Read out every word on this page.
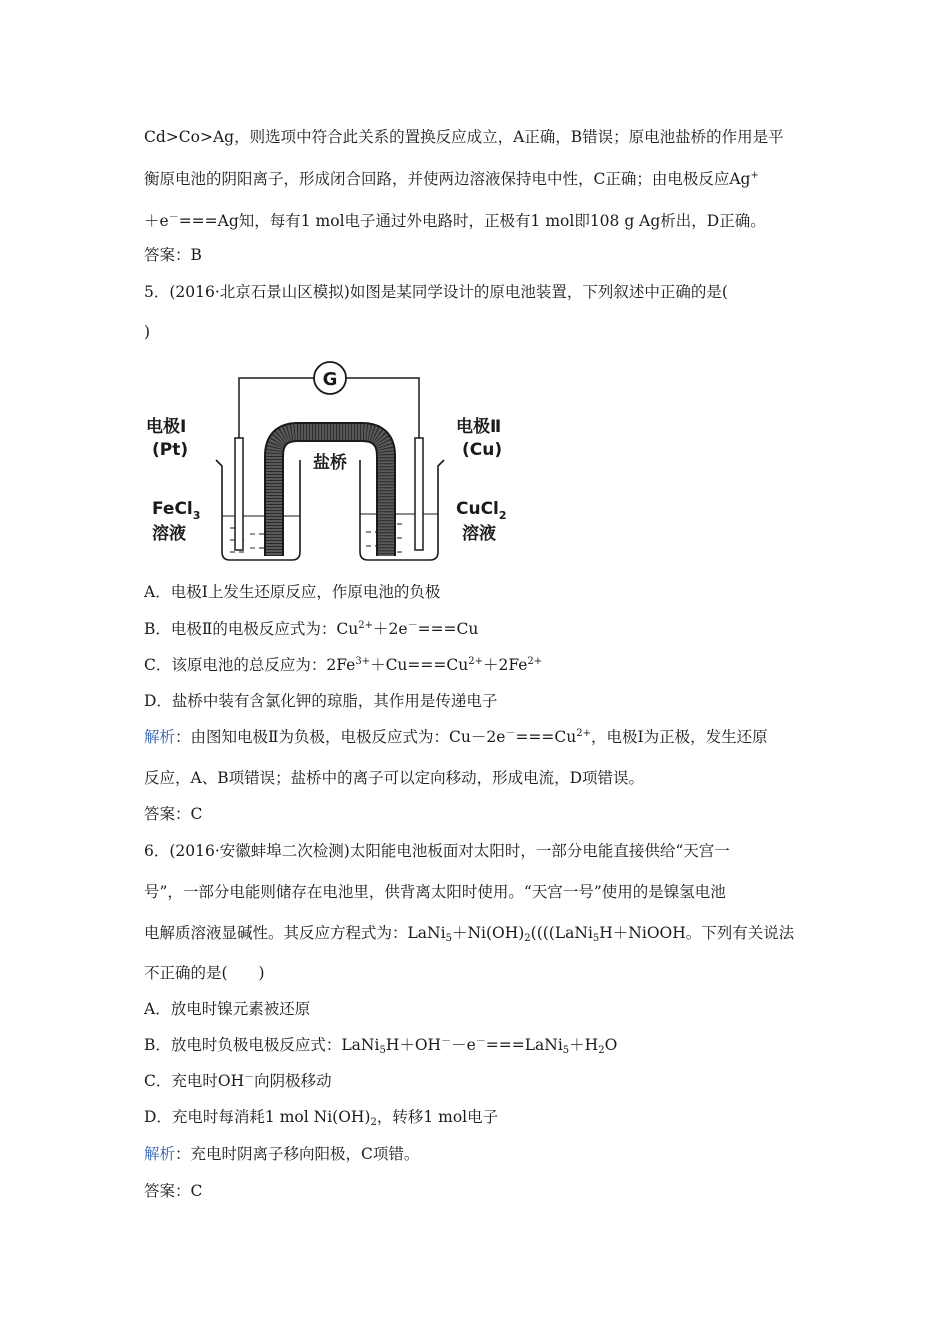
Cd>Co>Ag，则选项中符合此关系的置换反应成立，A正确，B错误；原电池盐桥的作用是平
衡原电池的阴阳离子，形成闭合回路，并使两边溶液保持电中性，C正确；由电极反应Ag+
＋e－===Ag知，每有1 mol电子通过外电路时，正极有1 mol即108 g Ag析出，D正确。
答案：B
5．(2016·北京石景山区模拟)如图是某同学设计的原电池装置，下列叙述中正确的是(
)
G
盐桥
电极Ⅰ
(Pt)
FeCl$_3$
溶液
电极Ⅱ
(Cu)
CuCl$_2$
溶液
A．电极Ⅰ上发生还原反应，作原电池的负极
B．电极Ⅱ的电极反应式为：$Cu^{2+}+2e^-===Cu$
C．该原电池的总反应为：$2Fe^{3+}+Cu===Cu^{2+}+2Fe^{2+}$
D．盐桥中装有含氯化钾的琼脂，其作用是传递电子
解析：由图知电极Ⅱ为负极，电极反应式为：$Cu-2e^-===Cu^{2+}$，电极Ⅰ为正极，发生还原
反应，A、B项错误；盐桥中的离子可以定向移动，形成电流，D项错误。
答案：C
6．(2016·安徽蚌埠二次检测)太阳能电池板面对太阳时，一部分电能直接供给“天宫一
号”，一部分电能则储存在电池里，供背离太阳时使用。“天宫一号”使用的是镍氢电池
电解质溶液显碱性。其反应方程式为：$LaNi_5+Ni(OH)_2((((LaNi_5H+NiOOH$。下列有关说法
不正确的是(　　)
A．放电时镍元素被还原
B．放电时负极电极反应式：$LaNi_5H+OH^--e^-===LaNi_5+H_2O$
C．充电时OH－向阴极移动
D．充电时每消耗1 mol $Ni(OH)_2$，转移1 mol电子
解析：充电时阴离子移向阳极，C项错。
答案：C
